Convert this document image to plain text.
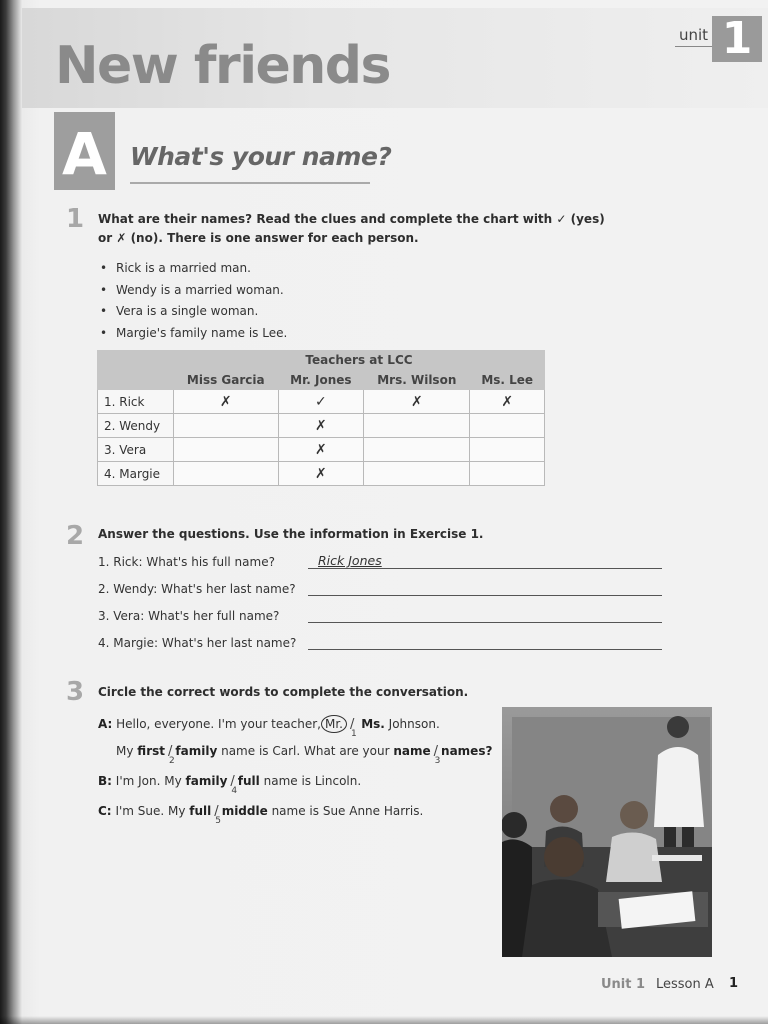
New friends
unit 1
A What's your name?
1 What are their names? Read the clues and complete the chart with ✓ (yes)
or ✗ (no). There is one answer for each person.
• Rick is a married man.
• Wendy is a married woman.
• Vera is a single woman.
• Margie's family name is Lee.
	Teachers at LCC			
	Miss Garcia	Mr. Jones	Mrs. Wilson	Ms. Lee
1. Rick	✗	✓	✗	✗
2. Wendy		✗		
3. Vera		✗		
4. Margie		✗		
2 Answer the questions. Use the information in Exercise 1.
1. Rick: What's his full name?	Rick Jones
2. Wendy: What's her last name?
3. Vera: What's her full name?
4. Margie: What's her last name?
3 Circle the correct words to complete the conversation.
A: Hello, everyone. I'm your teacher, Mr. /
1
Ms. Johnson.
My first /
2
family name is Carl. What are your name /
3
names?
B: I'm Jon. My family /
4
full name is Lincoln.
C: I'm Sue. My full /
5
middle name is Sue Anne Harris.
Unit 1 Lesson A 1
